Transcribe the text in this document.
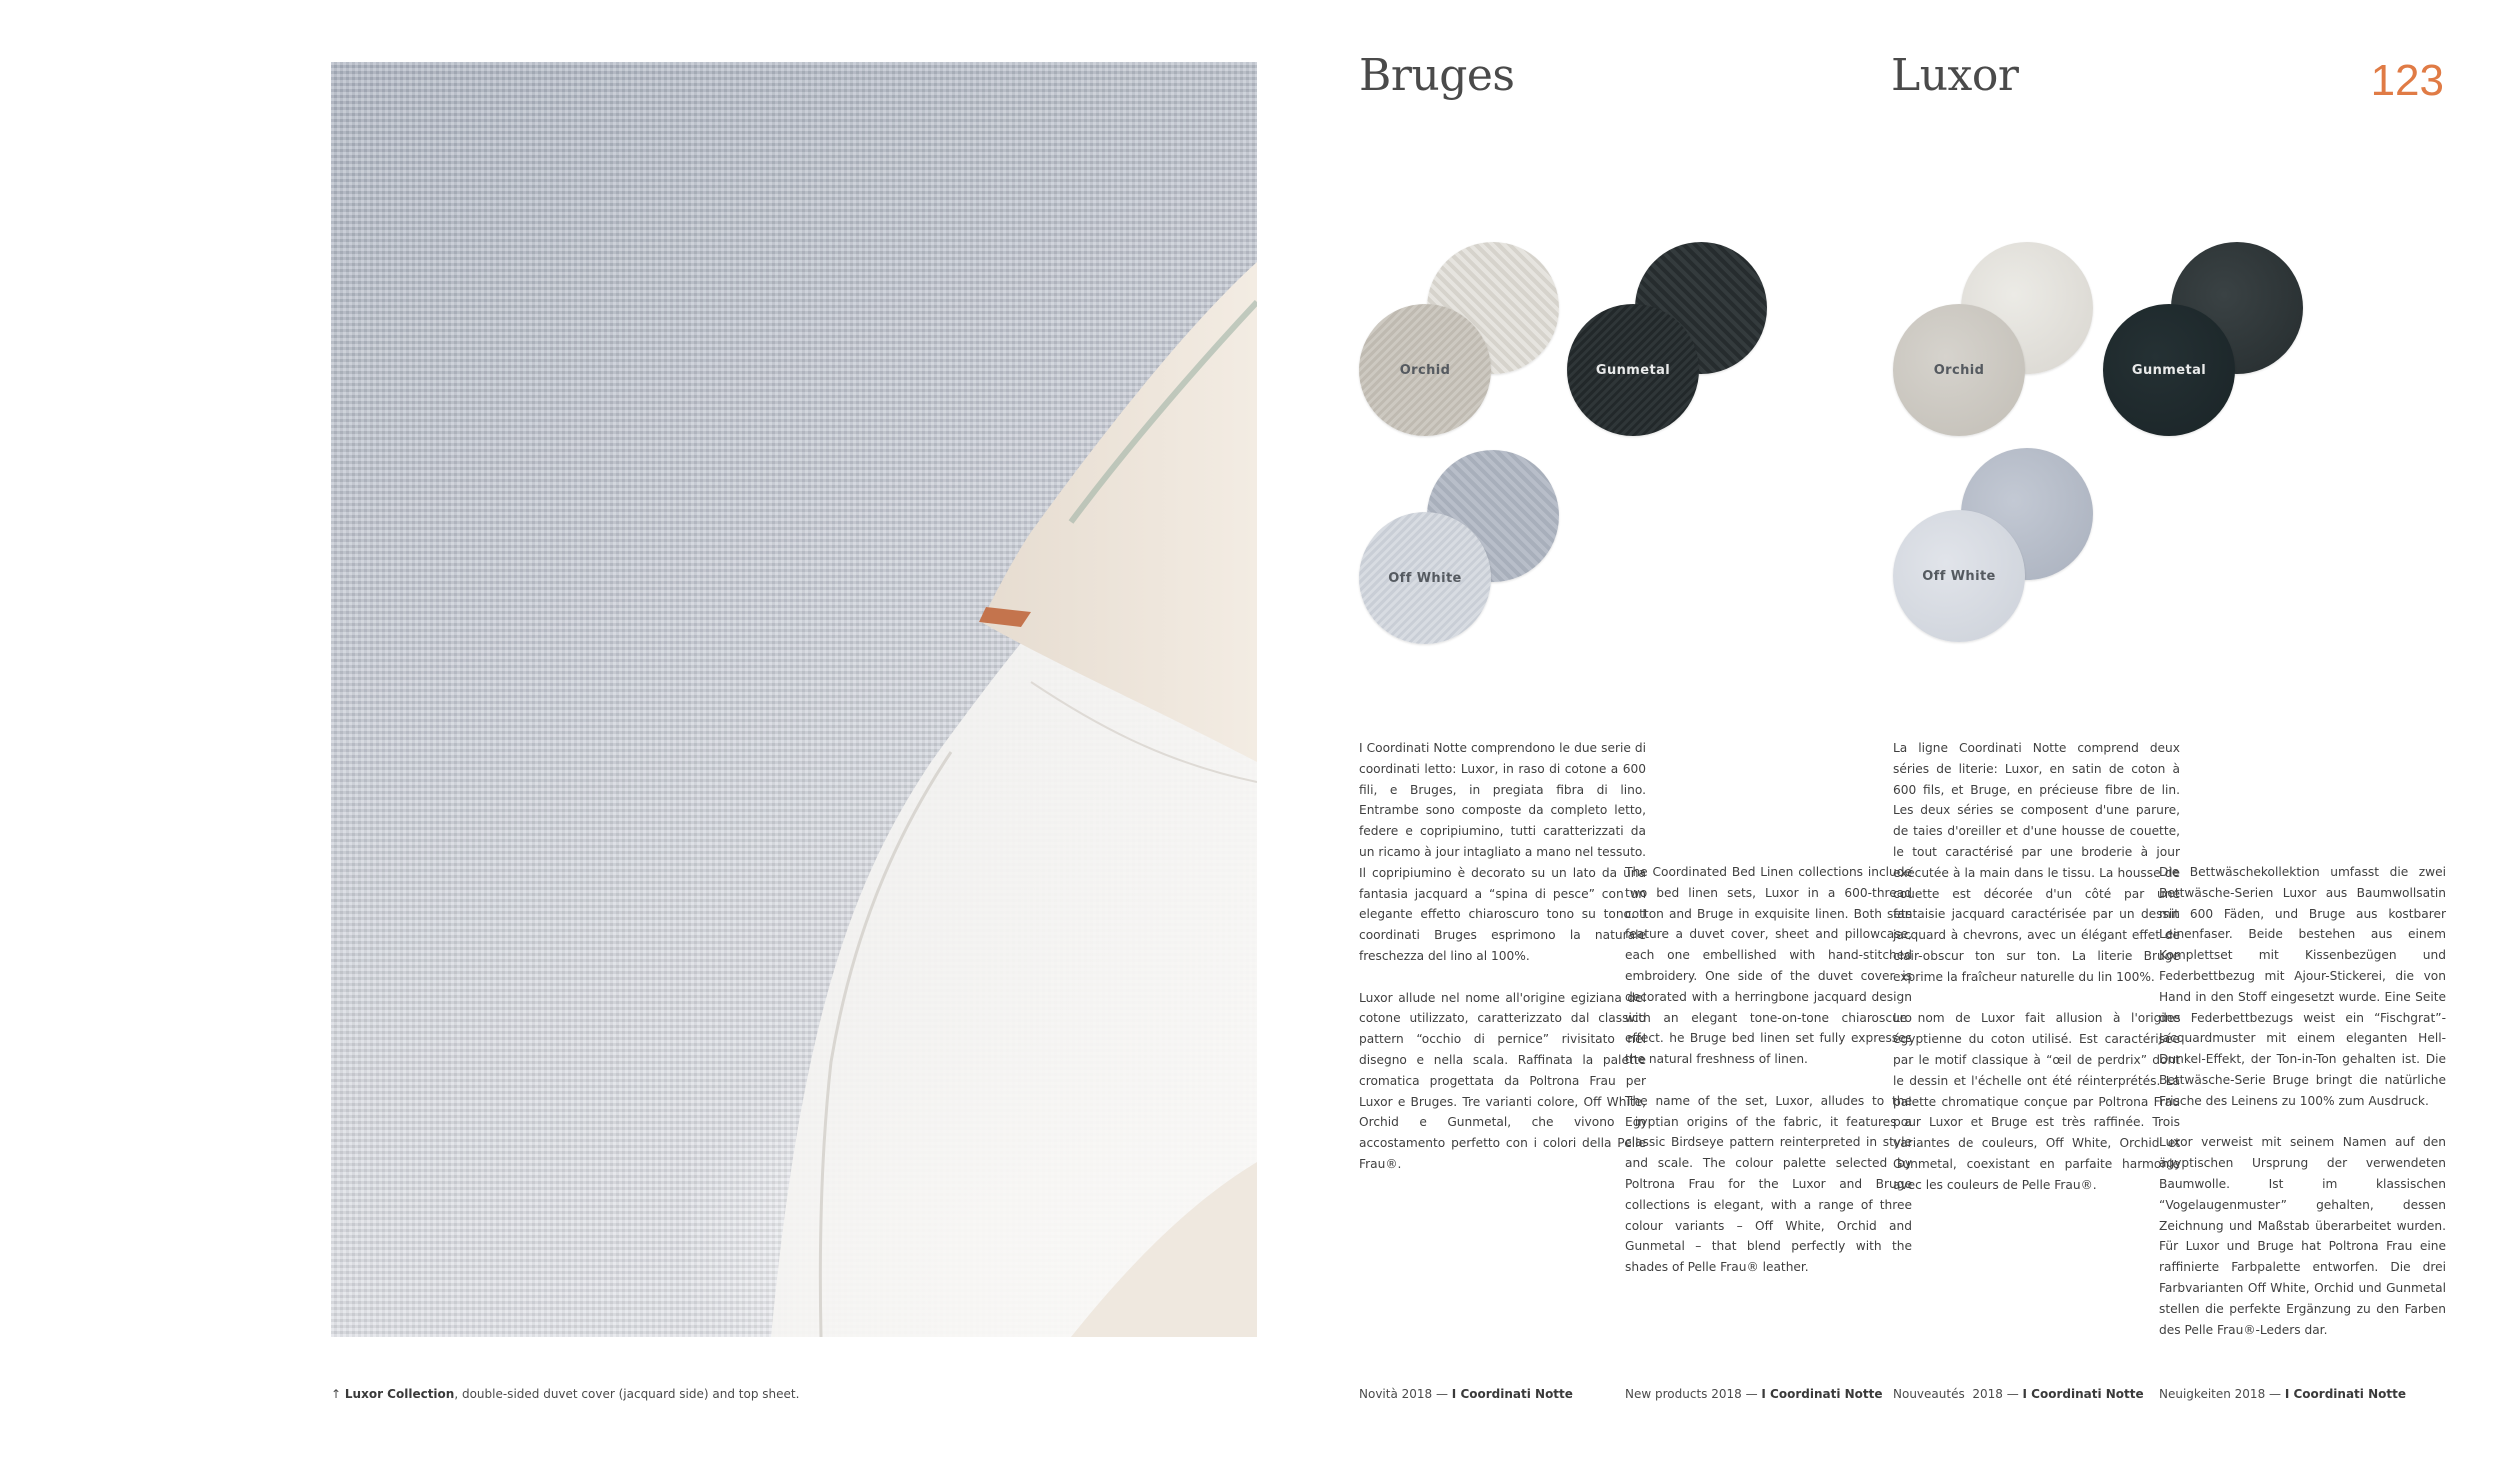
Bruges	Luxor	123
Orchid	Gunmetal
Off White
Orchid	Gunmetal
Off White

I Coordinati Notte comprendono le due serie di coordinati letto: Luxor, in raso di cotone a 600 fili, e Bruges, in pregiata fibra di lino. Entrambe sono composte da completo letto, federe e copripiumino, tutti caratterizzati da un ricamo à jour intagliato a mano nel tessuto. Il copripiumino è decorato su un lato da una fantasia jacquard a “spina di pesce” con un elegante effetto chiaroscuro tono su tono. I coordinati Bruges esprimono la naturale freschezza del lino al 100%.

Luxor allude nel nome all'origine egiziana del cotone utilizzato, caratterizzato dal classico pattern “occhio di pernice” rivisitato nel disegno e nella scala. Raffinata la palette cromatica progettata da Poltrona Frau per Luxor e Bruges. Tre varianti colore, Off White, Orchid e Gunmetal, che vivono in accostamento perfetto con i colori della Pelle Frau®.

The Coordinated Bed Linen collections include two bed linen sets, Luxor in a 600-thread cotton and Bruge in exquisite linen. Both sets feature a duvet cover, sheet and pillowcase, each one embellished with hand-stitched embroidery. One side of the duvet cover is decorated with a herringbone jacquard design with an elegant tone-on-tone chiaroscuro effect. he Bruge bed linen set fully expresses the natural freshness of linen.

The name of the set, Luxor, alludes to the Egyptian origins of the fabric, it features a classic Birdseye pattern reinterpreted in style and scale. The colour palette selected by Poltrona Frau for the Luxor and Bruge collections is elegant, with a range of three colour variants – Off White, Orchid and Gunmetal – that blend perfectly with the shades of Pelle Frau® leather.

La ligne Coordinati Notte comprend deux séries de literie: Luxor, en satin de coton à 600 fils, et Bruge, en précieuse fibre de lin. Les deux séries se composent d'une parure, de taies d'oreiller et d'une housse de couette, le tout caractérisé par une broderie à jour exécutée à la main dans le tissu. La housse de couette est décorée d'un côté par une fantaisie jacquard caractérisée par un dessin jacquard à chevrons, avec un élégant effet de clair-obscur ton sur ton. La literie Bruge exprime la fraîcheur naturelle du lin 100%.

Le nom de Luxor fait allusion à l'origine égyptienne du coton utilisé. Est caractérisée par le motif classique à “œil de perdrix” dont le dessin et l'échelle ont été réinterprétés. La palette chromatique conçue par Poltrona Frau pour Luxor et Bruge est très raffinée. Trois variantes de couleurs, Off White, Orchid et Gunmetal, coexistant en parfaite harmonie avec les couleurs de Pelle Frau®.

Die Bettwäschekollektion umfasst die zwei Bettwäsche-Serien Luxor aus Baumwollsatin mit 600 Fäden, und Bruge aus kostbarer Leinenfaser. Beide bestehen aus einem Komplettset mit Kissenbezügen und Federbettbezug mit Ajour-Stickerei, die von Hand in den Stoff eingesetzt wurde. Eine Seite des Federbettbezugs weist ein “Fischgrat”-Jacquardmuster mit einem eleganten Hell-Dunkel-Effekt, der Ton-in-Ton gehalten ist. Die Bettwäsche-Serie Bruge bringt die natürliche Frische des Leinens zu 100% zum Ausdruck.

Luxor verweist mit seinem Namen auf den ägyptischen Ursprung der verwendeten Baumwolle. Ist im klassischen “Vogelaugenmuster” gehalten, dessen Zeichnung und Maßstab überarbeitet wurden. Für Luxor und Bruge hat Poltrona Frau eine raffinierte Farbpalette entworfen. Die drei Farbvarianten Off White, Orchid und Gunmetal stellen die perfekte Ergänzung zu den Farben des Pelle Frau®-Leders dar.

↑ Luxor Collection, double-sided duvet cover (jacquard side) and top sheet.	Novità 2018 — I Coordinati Notte	New products 2018 — I Coordinati Notte Nouveautés  2018 — I Coordinati Notte Neuigkeiten 2018 — I Coordinati Notte
